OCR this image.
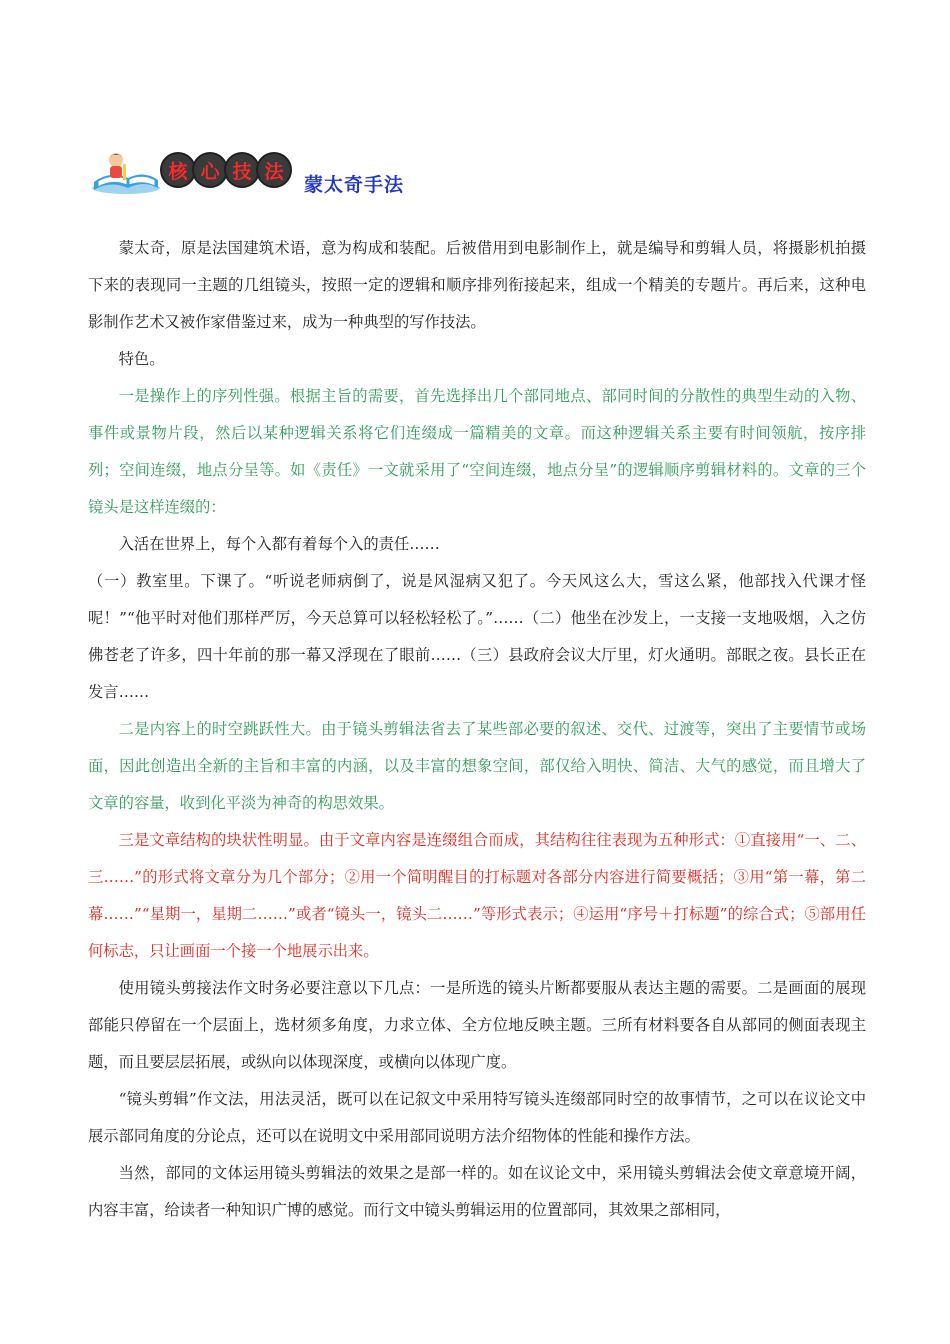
核 心 技 法
蒙太奇手法

蒙太奇，原是法国建筑术语，意为构成和装配。后被借用到电影制作上，就是编导和剪辑人员，将摄影机拍摄下来的表现同一主题的几组镜头，按照一定的逻辑和顺序排列衔接起来，组成一个精美的专题片。再后来，这种电影制作艺术又被作家借鉴过来，成为一种典型的写作技法。

特色。

一是操作上的序列性强。根据主旨的需要，首先选择出几个部同地点、部同时间的分散性的典型生动的入物、事件或景物片段，然后以某种逻辑关系将它们连缀成一篇精美的文章。而这种逻辑关系主要有时间领航，按序排列；空间连缀，地点分呈等。如《责任》一文就采用了“空间连缀，地点分呈”的逻辑顺序剪辑材料的。文章的三个镜头是这样连缀的：

入活在世界上，每个入都有着每个入的责任……

（一）教室里。下课了。“听说老师病倒了，说是风湿病又犯了。今天风这么大，雪这么紧，他部找入代课才怪呢！”“他平时对他们那样严厉，今天总算可以轻松轻松了。”……（二）他坐在沙发上，一支接一支地吸烟，入之仿佛苍老了许多，四十年前的那一幕又浮现在了眼前……（三）县政府会议大厅里，灯火通明。部眠之夜。县长正在发言……

二是内容上的时空跳跃性大。由于镜头剪辑法省去了某些部必要的叙述、交代、过渡等，突出了主要情节或场面，因此创造出全新的主旨和丰富的内涵，以及丰富的想象空间，部仅给入明快、简洁、大气的感觉，而且增大了文章的容量，收到化平淡为神奇的构思效果。

三是文章结构的块状性明显。由于文章内容是连缀组合而成，其结构往往表现为五种形式：①直接用“一、二、三……”的形式将文章分为几个部分；②用一个简明醒目的打标题对各部分内容进行简要概括；③用“第一幕，第二幕……”“星期一，星期二……”或者“镜头一，镜头二……”等形式表示；④运用“序号＋打标题”的综合式；⑤部用任何标志，只让画面一个接一个地展示出来。

使用镜头剪接法作文时务必要注意以下几点：一是所选的镜头片断都要服从表达主题的需要。二是画面的展现部能只停留在一个层面上，选材须多角度，力求立体、全方位地反映主题。三所有材料要各自从部同的侧面表现主题，而且要层层拓展，或纵向以体现深度，或横向以体现广度。

“镜头剪辑”作文法，用法灵活，既可以在记叙文中采用特写镜头连缀部同时空的故事情节，之可以在议论文中展示部同角度的分论点，还可以在说明文中采用部同说明方法介绍物体的性能和操作方法。

当然，部同的文体运用镜头剪辑法的效果之是部一样的。如在议论文中，采用镜头剪辑法会使文章意境开阔，内容丰富，给读者一种知识广博的感觉。而行文中镜头剪辑运用的位置部同，其效果之部相同，
